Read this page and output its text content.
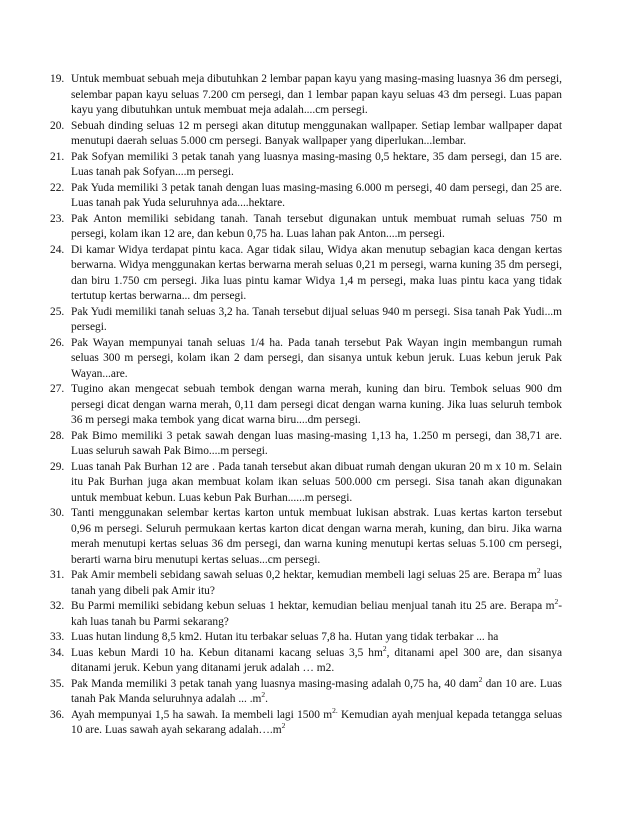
19. Untuk membuat sebuah meja dibutuhkan 2 lembar papan kayu yang masing-masing luasnya 36 dm persegi, selembar papan kayu seluas 7.200 cm persegi, dan 1 lembar papan kayu seluas 43 dm persegi. Luas papan kayu yang dibutuhkan untuk membuat meja adalah....cm persegi.
20. Sebuah dinding seluas 12 m persegi akan ditutup menggunakan wallpaper. Setiap lembar wallpaper dapat menutupi daerah seluas 5.000 cm persegi. Banyak wallpaper yang diperlukan...lembar.
21. Pak Sofyan memiliki 3 petak tanah yang luasnya masing-masing 0,5 hektare, 35 dam persegi, dan 15 are. Luas tanah pak Sofyan....m persegi.
22. Pak Yuda memiliki 3 petak tanah dengan luas masing-masing 6.000 m persegi, 40 dam persegi, dan 25 are. Luas tanah pak Yuda seluruhnya ada....hektare.
23. Pak Anton memiliki sebidang tanah. Tanah tersebut digunakan untuk membuat rumah seluas 750 m persegi, kolam ikan 12 are, dan kebun 0,75 ha. Luas lahan pak Anton....m persegi.
24. Di kamar Widya terdapat pintu kaca. Agar tidak silau, Widya akan menutup sebagian kaca dengan kertas berwarna. Widya menggunakan kertas berwarna merah seluas 0,21 m persegi, warna kuning 35 dm persegi, dan biru 1.750 cm persegi. Jika luas pintu kamar Widya 1,4 m persegi, maka luas pintu kaca yang tidak tertutup kertas berwarna... dm persegi.
25. Pak Yudi memiliki tanah seluas 3,2 ha. Tanah tersebut dijual seluas 940 m persegi. Sisa tanah Pak Yudi...m persegi.
26. Pak Wayan mempunyai tanah seluas 1/4 ha. Pada tanah tersebut Pak Wayan ingin membangun rumah seluas 300 m persegi, kolam ikan 2 dam persegi, dan sisanya untuk kebun jeruk. Luas kebun jeruk Pak Wayan...are.
27. Tugino akan mengecat sebuah tembok dengan warna merah, kuning dan biru. Tembok seluas 900 dm persegi dicat dengan warna merah, 0,11 dam persegi dicat dengan warna kuning. Jika luas seluruh tembok 36 m persegi maka tembok yang dicat warna biru....dm persegi.
28. Pak Bimo memiliki 3 petak sawah dengan luas masing-masing 1,13 ha, 1.250 m persegi, dan 38,71 are. Luas seluruh sawah Pak Bimo....m persegi.
29. Luas tanah Pak Burhan 12 are . Pada tanah tersebut akan dibuat rumah dengan ukuran 20 m x 10 m. Selain itu Pak Burhan juga akan membuat kolam ikan seluas 500.000 cm persegi. Sisa tanah akan digunakan untuk membuat kebun. Luas kebun Pak Burhan......m persegi.
30. Tanti menggunakan selembar kertas karton untuk membuat lukisan abstrak. Luas kertas karton tersebut 0,96 m persegi. Seluruh permukaan kertas karton dicat dengan warna merah, kuning, dan biru. Jika warna merah menutupi kertas seluas 36 dm persegi, dan warna kuning menutupi kertas seluas 5.100 cm persegi, berarti warna biru menutupi kertas seluas...cm persegi.
31. Pak Amir membeli sebidang sawah seluas 0,2 hektar, kemudian membeli lagi seluas 25 are. Berapa $m^2$ luas tanah yang dibeli pak Amir itu?
32. Bu Parmi memiliki sebidang kebun seluas 1 hektar, kemudian beliau menjual tanah itu 25 are. Berapa $m^2$-kah luas tanah bu Parmi sekarang?
33. Luas hutan lindung 8,5 km2. Hutan itu terbakar seluas 7,8 ha. Hutan yang tidak terbakar ... ha
34. Luas kebun Mardi 10 ha. Kebun ditanami kacang seluas 3,5 $hm^2$, ditanami apel 300 are, dan sisanya ditanami jeruk. Kebun yang ditanami jeruk adalah … m2.
35. Pak Manda memiliki 3 petak tanah yang luasnya masing-masing adalah 0,75 ha, 40 dam$^2$ dan 10 are. Luas tanah Pak Manda seluruhnya adalah ... $.m^2$.
36. Ayah mempunyai 1,5 ha sawah. Ia membeli lagi 1500 $m^{2.}$ Kemudian ayah menjual kepada tetangga seluas 10 are. Luas sawah ayah sekarang $adalah\dots.m^2$
